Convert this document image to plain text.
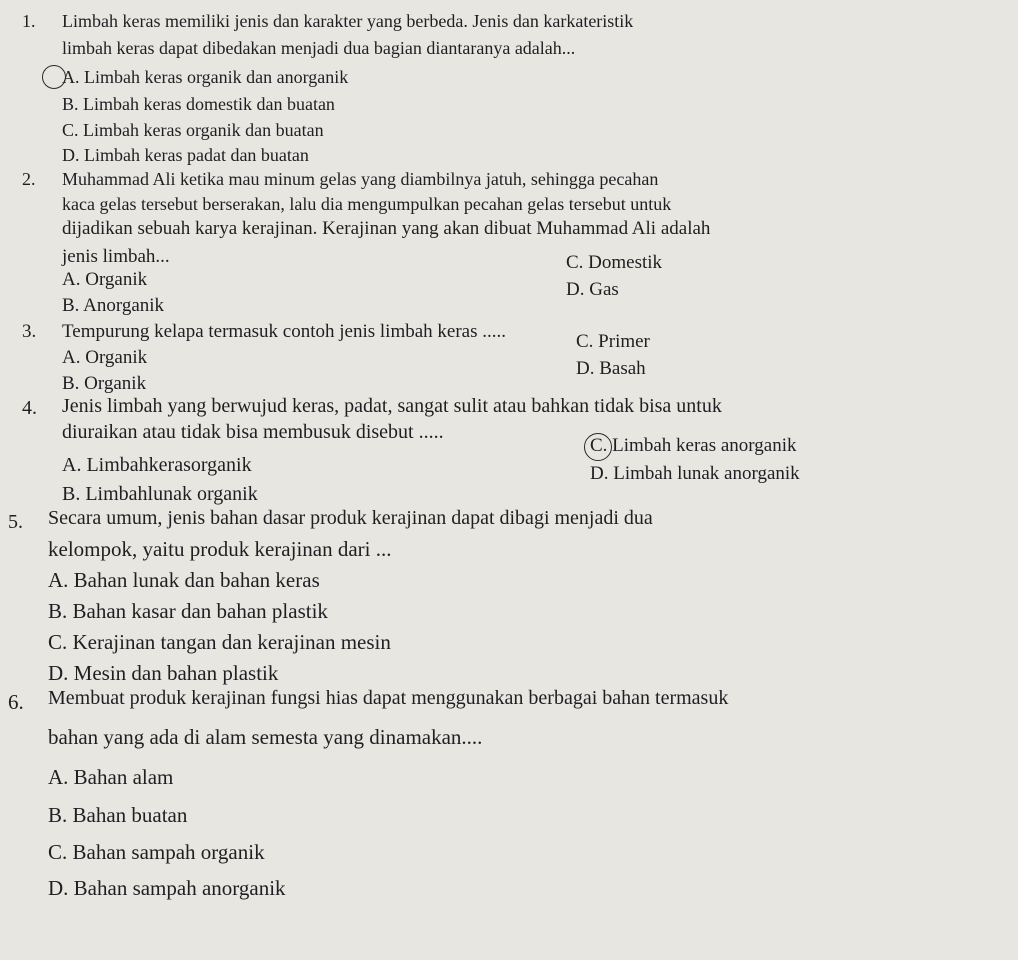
1. Limbah keras memiliki jenis dan karakter yang berbeda. Jenis dan karkateristik
limbah keras dapat dibedakan menjadi dua bagian diantaranya adalah...
A. Limbah keras organik dan anorganik
B. Limbah keras domestik dan buatan
C. Limbah keras organik dan buatan
D. Limbah keras padat dan buatan
2. Muhammad Ali ketika mau minum gelas yang diambilnya jatuh, sehingga pecahan
kaca gelas tersebut berserakan, lalu dia mengumpulkan pecahan gelas tersebut untuk
dijadikan sebuah karya kerajinan. Kerajinan yang akan dibuat Muhammad Ali adalah
jenis limbah...
A. Organik
B. Anorganik
C. Domestik
D. Gas
3. Tempurung kelapa termasuk contoh jenis limbah keras .....
A. Organik
B. Organik
C. Primer
D. Basah
4. Jenis limbah yang berwujud keras, padat, sangat sulit atau bahkan tidak bisa untuk
diuraikan atau tidak bisa membusuk disebut .....
A. Limbahkerasorganik
B. Limbahlunak organik
C. Limbah keras anorganik
D. Limbah lunak anorganik
5. Secara umum, jenis bahan dasar produk kerajinan dapat dibagi menjadi dua
kelompok, yaitu produk kerajinan dari ...
A. Bahan lunak dan bahan keras
B. Bahan kasar dan bahan plastik
C. Kerajinan tangan dan kerajinan mesin
D. Mesin dan bahan plastik
6. Membuat produk kerajinan fungsi hias dapat menggunakan berbagai bahan termasuk
bahan yang ada di alam semesta yang dinamakan....
A. Bahan alam
B. Bahan buatan
C. Bahan sampah organik
D. Bahan sampah anorganik
